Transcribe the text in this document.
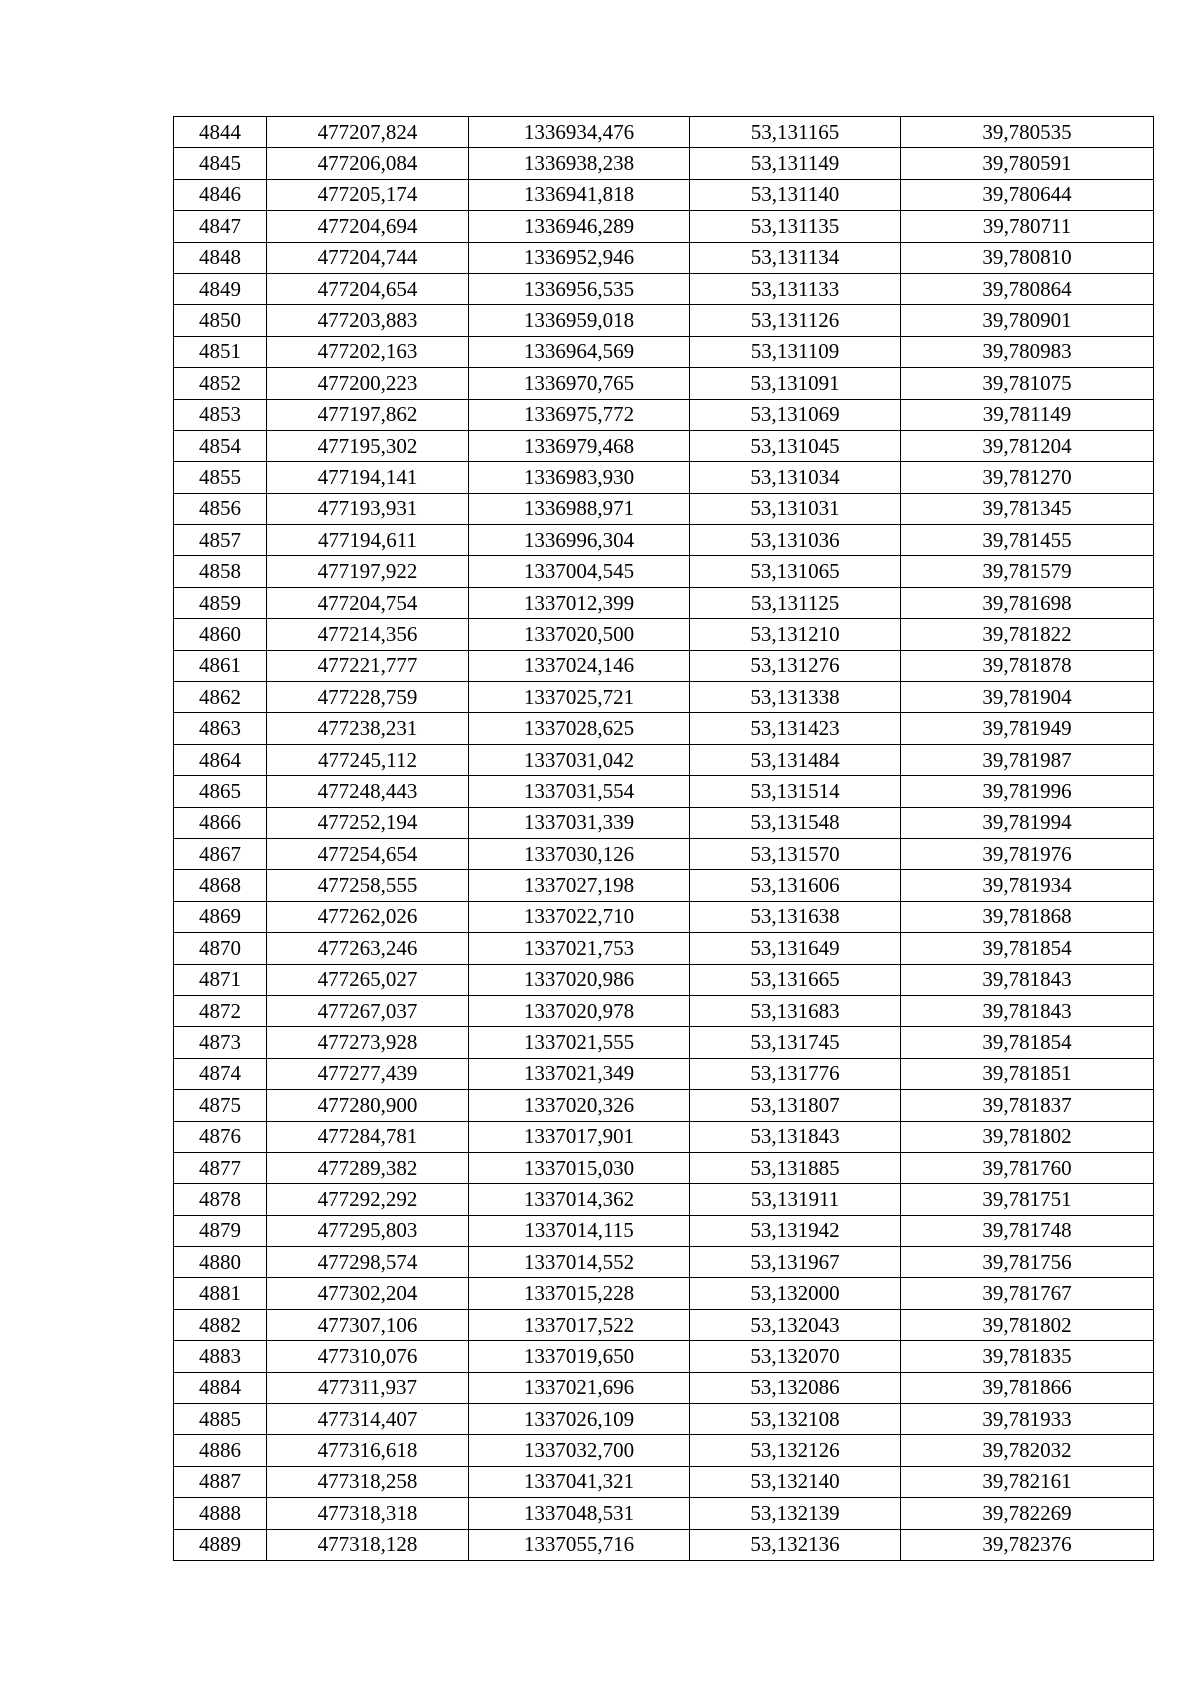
4844	477207,824	1336934,476	53,131165	39,780535
4845	477206,084	1336938,238	53,131149	39,780591
4846	477205,174	1336941,818	53,131140	39,780644
4847	477204,694	1336946,289	53,131135	39,780711
4848	477204,744	1336952,946	53,131134	39,780810
4849	477204,654	1336956,535	53,131133	39,780864
4850	477203,883	1336959,018	53,131126	39,780901
4851	477202,163	1336964,569	53,131109	39,780983
4852	477200,223	1336970,765	53,131091	39,781075
4853	477197,862	1336975,772	53,131069	39,781149
4854	477195,302	1336979,468	53,131045	39,781204
4855	477194,141	1336983,930	53,131034	39,781270
4856	477193,931	1336988,971	53,131031	39,781345
4857	477194,611	1336996,304	53,131036	39,781455
4858	477197,922	1337004,545	53,131065	39,781579
4859	477204,754	1337012,399	53,131125	39,781698
4860	477214,356	1337020,500	53,131210	39,781822
4861	477221,777	1337024,146	53,131276	39,781878
4862	477228,759	1337025,721	53,131338	39,781904
4863	477238,231	1337028,625	53,131423	39,781949
4864	477245,112	1337031,042	53,131484	39,781987
4865	477248,443	1337031,554	53,131514	39,781996
4866	477252,194	1337031,339	53,131548	39,781994
4867	477254,654	1337030,126	53,131570	39,781976
4868	477258,555	1337027,198	53,131606	39,781934
4869	477262,026	1337022,710	53,131638	39,781868
4870	477263,246	1337021,753	53,131649	39,781854
4871	477265,027	1337020,986	53,131665	39,781843
4872	477267,037	1337020,978	53,131683	39,781843
4873	477273,928	1337021,555	53,131745	39,781854
4874	477277,439	1337021,349	53,131776	39,781851
4875	477280,900	1337020,326	53,131807	39,781837
4876	477284,781	1337017,901	53,131843	39,781802
4877	477289,382	1337015,030	53,131885	39,781760
4878	477292,292	1337014,362	53,131911	39,781751
4879	477295,803	1337014,115	53,131942	39,781748
4880	477298,574	1337014,552	53,131967	39,781756
4881	477302,204	1337015,228	53,132000	39,781767
4882	477307,106	1337017,522	53,132043	39,781802
4883	477310,076	1337019,650	53,132070	39,781835
4884	477311,937	1337021,696	53,132086	39,781866
4885	477314,407	1337026,109	53,132108	39,781933
4886	477316,618	1337032,700	53,132126	39,782032
4887	477318,258	1337041,321	53,132140	39,782161
4888	477318,318	1337048,531	53,132139	39,782269
4889	477318,128	1337055,716	53,132136	39,782376
